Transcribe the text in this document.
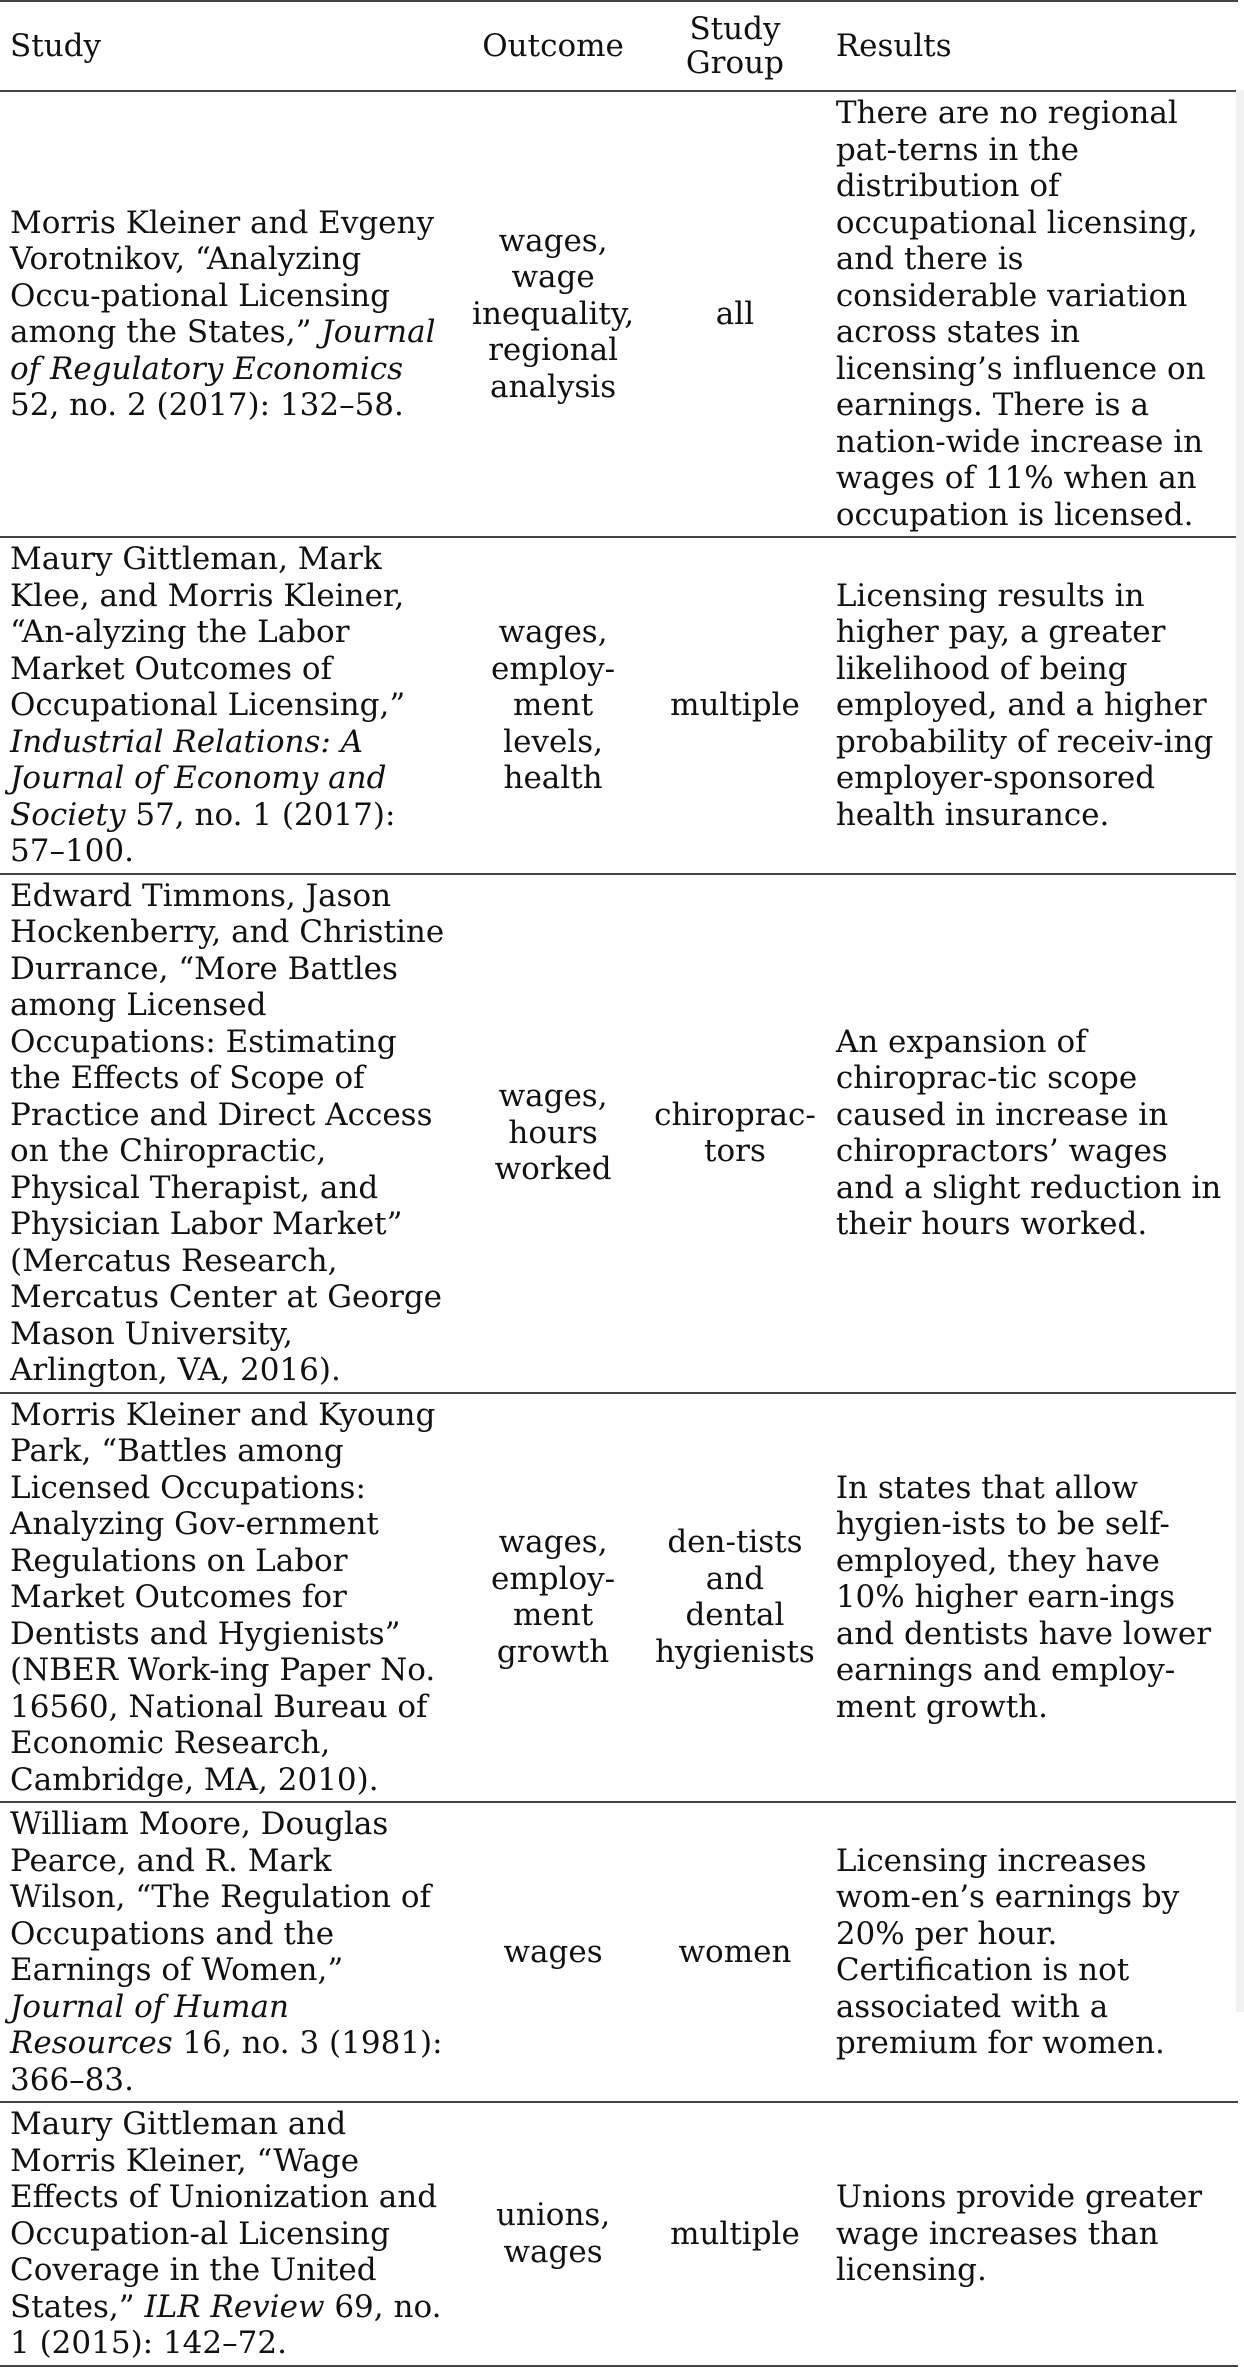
Study	Outcome	Study Group	Results
Morris Kleiner and Evgeny Vorotnikov, “Analyzing Occu-pational Licensing among the States,” Journal of Regulatory Economics 52, no. 2 (2017): 132–58.	wages, wage inequality, regional analysis	all	There are no regional pat-terns in the distribution of occupational licensing, and there is considerable variation across states in licensing’s influence on earnings. There is a nation-wide increase in wages of 11% when an occupation is licensed.
Maury Gittleman, Mark Klee, and Morris Kleiner, “An-alyzing the Labor Market Outcomes of Occupational Licensing,” Industrial Relations: A Journal of Economy and Society 57, no. 1 (2017): 57–100.	wages, employ-ment levels, health	multiple	Licensing results in higher pay, a greater likelihood of being employed, and a higher probability of receiv-ing employer-sponsored health insurance.
Edward Timmons, Jason Hockenberry, and Christine Durrance, “More Battles among Licensed Occupations: Estimating the Effects of Scope of Practice and Direct Access on the Chiropractic, Physical Therapist, and Physician Labor Market” (Mercatus Research, Mercatus Center at George Mason University, Arlington, VA, 2016).	wages, hours worked	chiroprac-tors	An expansion of chiroprac-tic scope caused in increase in chiropractors’ wages and a slight reduction in their hours worked.
Morris Kleiner and Kyoung Park, “Battles among Licensed Occupations: Analyzing Gov-ernment Regulations on Labor Market Outcomes for Dentists and Hygienists” (NBER Work-ing Paper No. 16560, National Bureau of Economic Research, Cambridge, MA, 2010).	wages, employ-ment growth	den-tists and dental hygienists	In states that allow hygien-ists to be self-employed, they have 10% higher earn-ings and dentists have lower earnings and employ-ment growth.
William Moore, Douglas Pearce, and R. Mark Wilson, “The Regulation of Occupations and the Earnings of Women,” Journal of Human Resources 16, no. 3 (1981): 366–83.	wages	women	Licensing increases wom-en’s earnings by 20% per hour. Certification is not associated with a premium for women.
Maury Gittleman and Morris Kleiner, “Wage Effects of Unionization and Occupation-al Licensing Coverage in the United States,” ILR Review 69, no. 1 (2015): 142–72.	unions, wages	multiple	Unions provide greater wage increases than licensing.
